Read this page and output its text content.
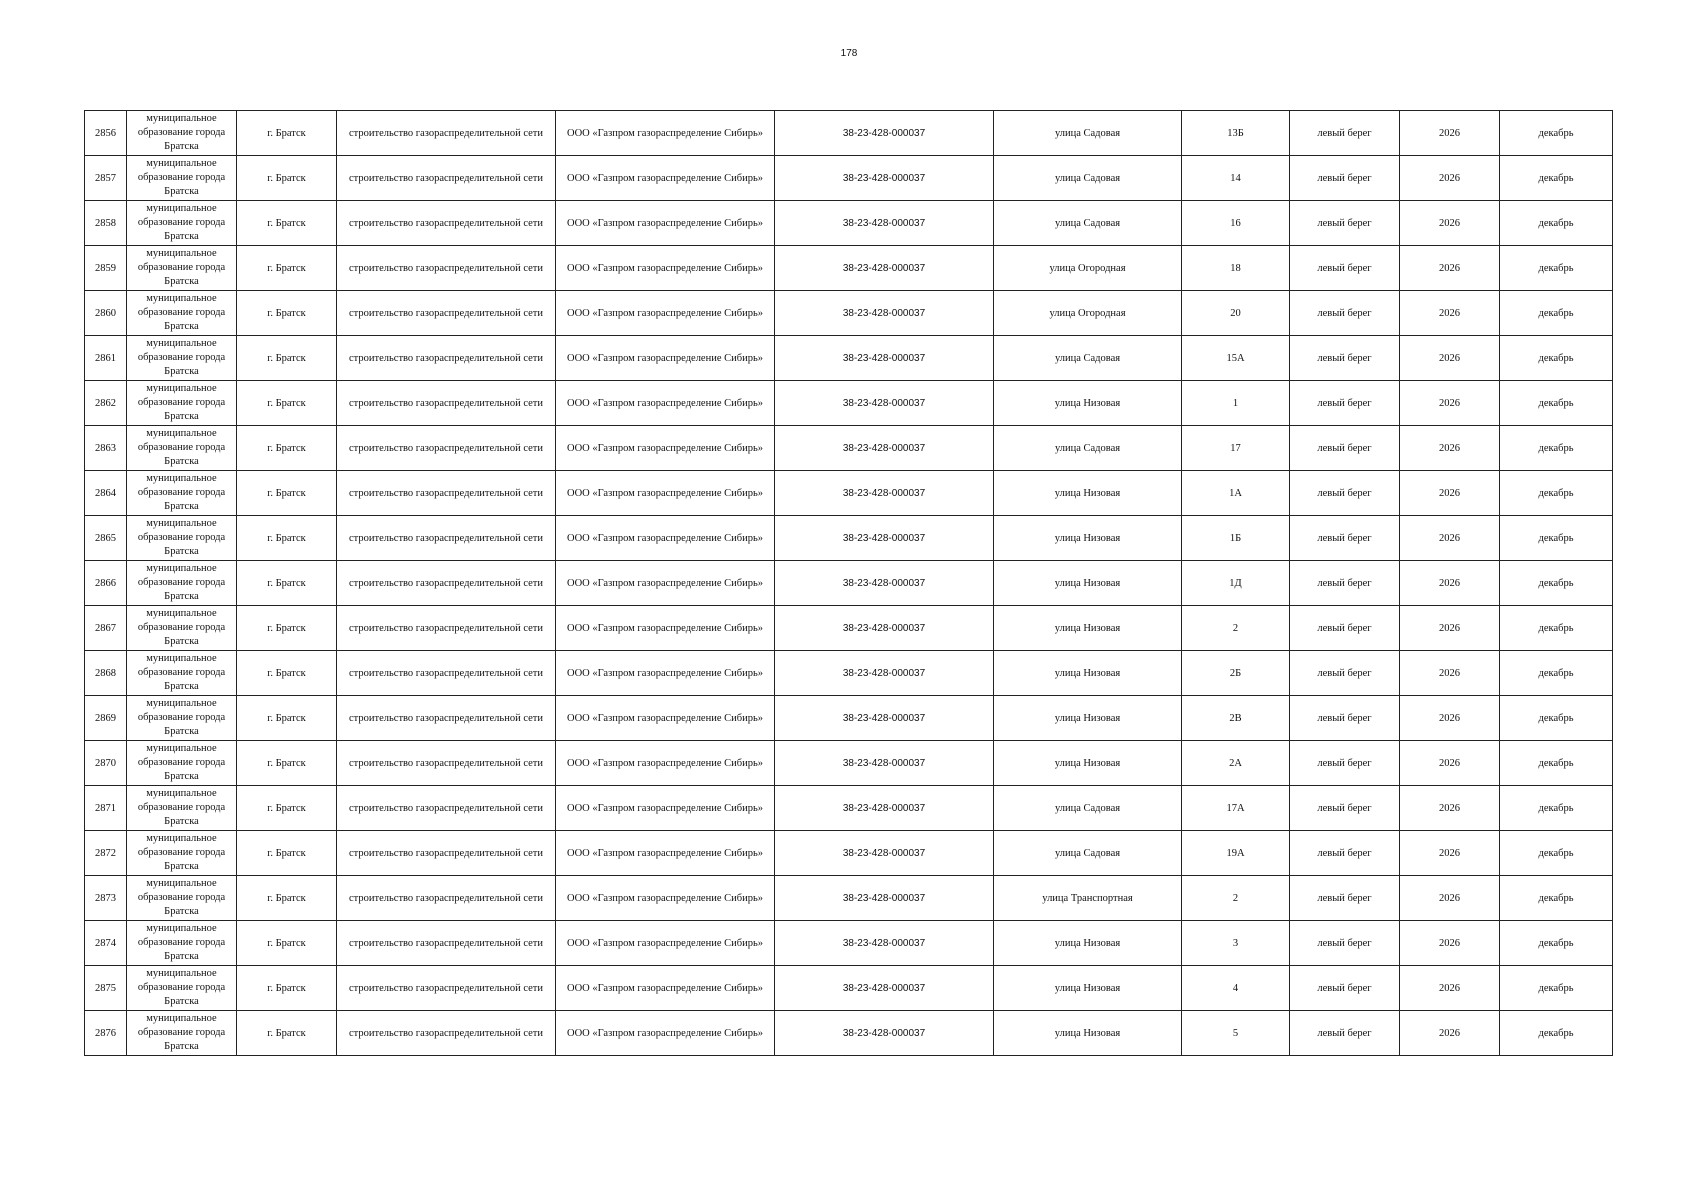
178
2856	муниципальное образование города Братска	г. Братск	строительство газораспределительной сети	ООО «Газпром газораспределение Сибирь»	38-23-428-000037	улица Садовая	13Б	левый берег	2026	декабрь
2857	муниципальное образование города Братска	г. Братск	строительство газораспределительной сети	ООО «Газпром газораспределение Сибирь»	38-23-428-000037	улица Садовая	14	левый берег	2026	декабрь
2858	муниципальное образование города Братска	г. Братск	строительство газораспределительной сети	ООО «Газпром газораспределение Сибирь»	38-23-428-000037	улица Садовая	16	левый берег	2026	декабрь
2859	муниципальное образование города Братска	г. Братск	строительство газораспределительной сети	ООО «Газпром газораспределение Сибирь»	38-23-428-000037	улица Огородная	18	левый берег	2026	декабрь
2860	муниципальное образование города Братска	г. Братск	строительство газораспределительной сети	ООО «Газпром газораспределение Сибирь»	38-23-428-000037	улица Огородная	20	левый берег	2026	декабрь
2861	муниципальное образование города Братска	г. Братск	строительство газораспределительной сети	ООО «Газпром газораспределение Сибирь»	38-23-428-000037	улица Садовая	15А	левый берег	2026	декабрь
2862	муниципальное образование города Братска	г. Братск	строительство газораспределительной сети	ООО «Газпром газораспределение Сибирь»	38-23-428-000037	улица Низовая	1	левый берег	2026	декабрь
2863	муниципальное образование города Братска	г. Братск	строительство газораспределительной сети	ООО «Газпром газораспределение Сибирь»	38-23-428-000037	улица Садовая	17	левый берег	2026	декабрь
2864	муниципальное образование города Братска	г. Братск	строительство газораспределительной сети	ООО «Газпром газораспределение Сибирь»	38-23-428-000037	улица Низовая	1А	левый берег	2026	декабрь
2865	муниципальное образование города Братска	г. Братск	строительство газораспределительной сети	ООО «Газпром газораспределение Сибирь»	38-23-428-000037	улица Низовая	1Б	левый берег	2026	декабрь
2866	муниципальное образование города Братска	г. Братск	строительство газораспределительной сети	ООО «Газпром газораспределение Сибирь»	38-23-428-000037	улица Низовая	1Д	левый берег	2026	декабрь
2867	муниципальное образование города Братска	г. Братск	строительство газораспределительной сети	ООО «Газпром газораспределение Сибирь»	38-23-428-000037	улица Низовая	2	левый берег	2026	декабрь
2868	муниципальное образование города Братска	г. Братск	строительство газораспределительной сети	ООО «Газпром газораспределение Сибирь»	38-23-428-000037	улица Низовая	2Б	левый берег	2026	декабрь
2869	муниципальное образование города Братска	г. Братск	строительство газораспределительной сети	ООО «Газпром газораспределение Сибирь»	38-23-428-000037	улица Низовая	2В	левый берег	2026	декабрь
2870	муниципальное образование города Братска	г. Братск	строительство газораспределительной сети	ООО «Газпром газораспределение Сибирь»	38-23-428-000037	улица Низовая	2А	левый берег	2026	декабрь
2871	муниципальное образование города Братска	г. Братск	строительство газораспределительной сети	ООО «Газпром газораспределение Сибирь»	38-23-428-000037	улица Садовая	17А	левый берег	2026	декабрь
2872	муниципальное образование города Братска	г. Братск	строительство газораспределительной сети	ООО «Газпром газораспределение Сибирь»	38-23-428-000037	улица Садовая	19А	левый берег	2026	декабрь
2873	муниципальное образование города Братска	г. Братск	строительство газораспределительной сети	ООО «Газпром газораспределение Сибирь»	38-23-428-000037	улица Транспортная	2	левый берег	2026	декабрь
2874	муниципальное образование города Братска	г. Братск	строительство газораспределительной сети	ООО «Газпром газораспределение Сибирь»	38-23-428-000037	улица Низовая	3	левый берег	2026	декабрь
2875	муниципальное образование города Братска	г. Братск	строительство газораспределительной сети	ООО «Газпром газораспределение Сибирь»	38-23-428-000037	улица Низовая	4	левый берег	2026	декабрь
2876	муниципальное образование города Братска	г. Братск	строительство газораспределительной сети	ООО «Газпром газораспределение Сибирь»	38-23-428-000037	улица Низовая	5	левый берег	2026	декабрь
